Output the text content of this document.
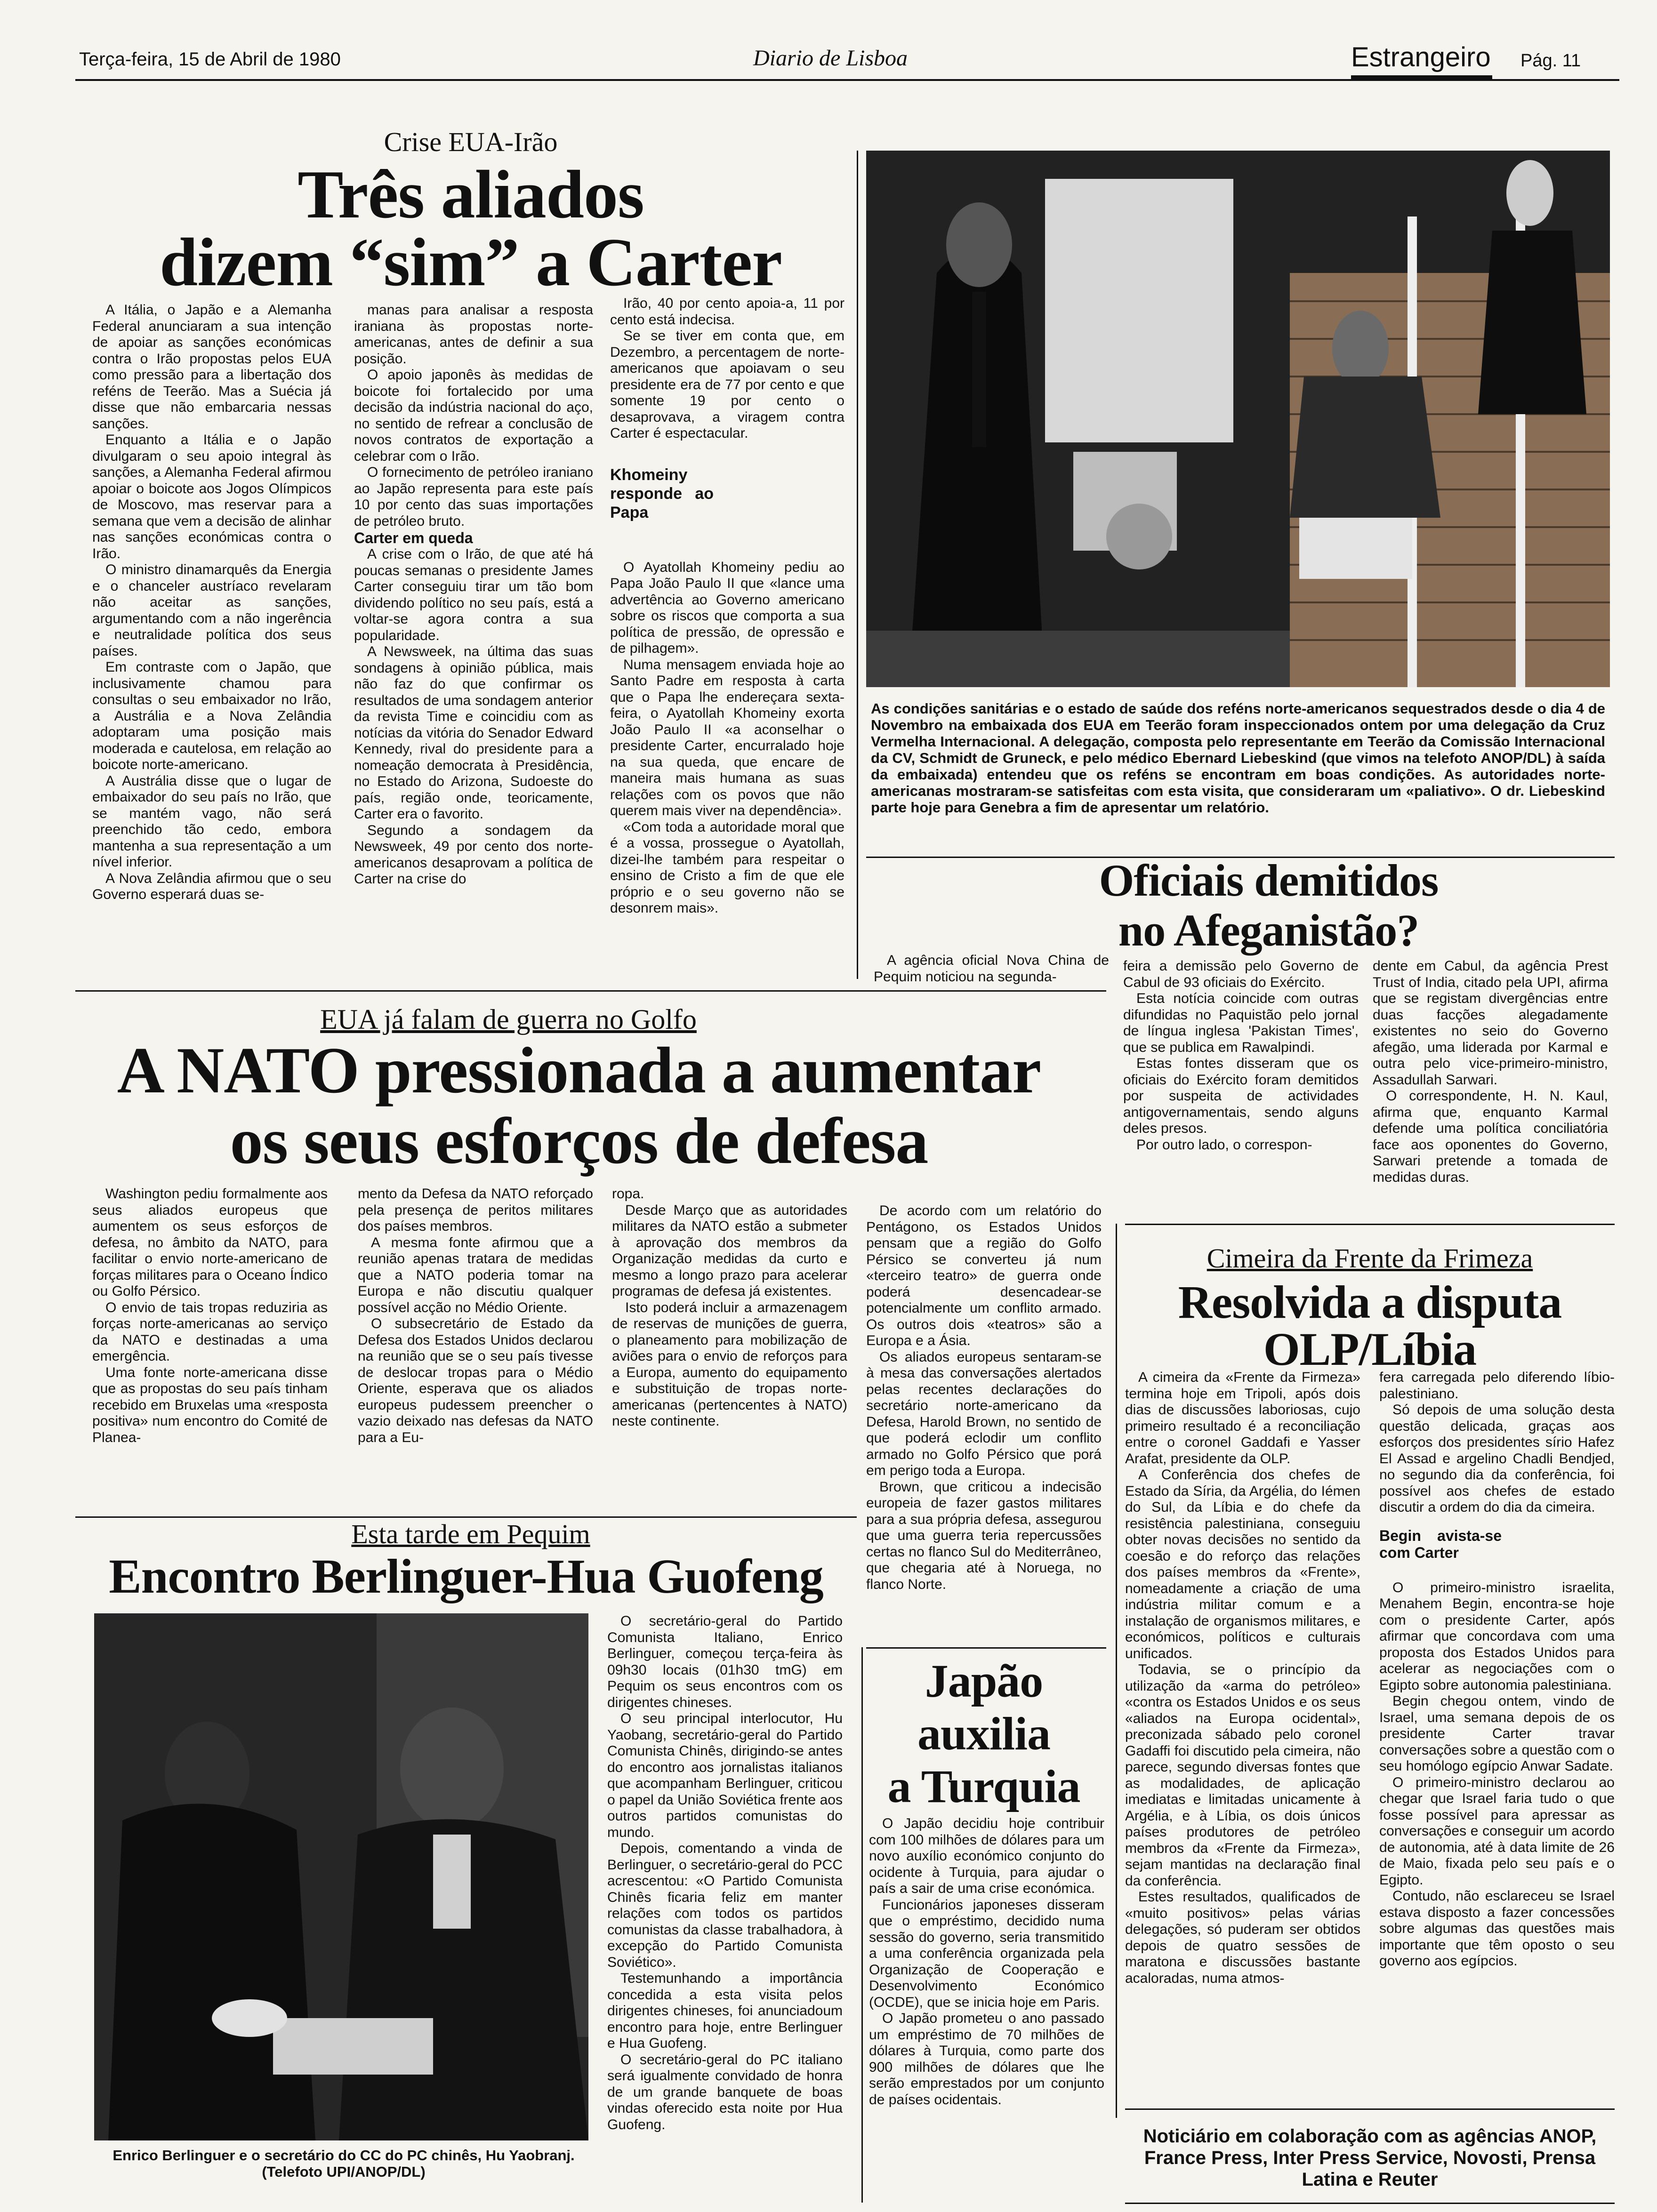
Terça-feira, 15 de Abril de 1980	Diario de Lisboa	Estrangeiro Pág. 11
Crise EUA-Irão
Três aliados
dizem “sim” a Carter

A Itália, o Japão e a Alemanha Federal anunciaram a sua intenção de apoiar as sanções económicas contra o Irão propostas pelos EUA como pressão para a libertação dos reféns de Teerão. Mas a Suécia já disse que não embarcaria nessas sanções.

Enquanto a Itália e o Japão divulgaram o seu apoio integral às sanções, a Alemanha Federal afirmou apoiar o boicote aos Jogos Olímpicos de Moscovo, mas reservar para a semana que vem a decisão de alinhar nas sanções económicas contra o Irão.

O ministro dinamarquês da Energia e o chanceler austríaco revelaram não aceitar as sanções, argumentando com a não ingerência e neutralidade política dos seus países.

Em contraste com o Japão, que inclusivamente chamou para consultas o seu embaixador no Irão, a Austrália e a Nova Zelândia adoptaram uma posição mais moderada e cautelosa, em relação ao boicote norte-americano.

A Austrália disse que o lugar de embaixador do seu país no Irão, que se mantém vago, não será preenchido tão cedo, embora mantenha a sua representação a um nível inferior.

A Nova Zelândia afirmou que o seu Governo esperará duas se-

manas para analisar a resposta iraniana às propostas norte-americanas, antes de definir a sua posição.

O apoio japonês às medidas de boicote foi fortalecido por uma decisão da indústria nacional do aço, no sentido de refrear a conclusão de novos contratos de exportação a celebrar com o Irão.

O fornecimento de petróleo iraniano ao Japão representa para este país 10 por cento das suas importações de petróleo bruto.

Carter em queda

A crise com o Irão, de que até há poucas semanas o presidente James Carter conseguiu tirar um tão bom dividendo político no seu país, está a voltar-se agora contra a sua popularidade.

A Newsweek, na última das suas sondagens à opinião pública, mais não faz do que confirmar os resultados de uma sondagem anterior da revista Time e coincidiu com as notícias da vitória do Senador Edward Kennedy, rival do presidente para a nomeação democrata à Presidência, no Estado do Arizona, Sudoeste do país, região onde, teoricamente, Carter era o favorito.

Segundo a sondagem da Newsweek, 49 por cento dos norte-americanos desaprovam a política de Carter na crise do

Irão, 40 por cento apoia-a, 11 por cento está indecisa.

Se se tiver em conta que, em Dezembro, a percentagem de norte-americanos que apoiavam o seu presidente era de 77 por cento e que somente 19 por cento o desaprovava, a viragem contra Carter é espectacular.

Khomeiny responde ao Papa

O Ayatollah Khomeiny pediu ao Papa João Paulo II que «lance uma advertência ao Governo americano sobre os riscos que comporta a sua política de pressão, de opressão e de pilhagem».

Numa mensagem enviada hoje ao Santo Padre em resposta à carta que o Papa lhe endereçara sexta-feira, o Ayatollah Khomeiny exorta João Paulo II «a aconselhar o presidente Carter, encurralado hoje na sua queda, que encare de maneira mais humana as suas relações com os povos que não querem mais viver na dependência».

«Com toda a autoridade moral que é a vossa, prossegue o Ayatollah, dizei-lhe também para respeitar o ensino de Cristo a fim de que ele próprio e o seu governo não se desonrem mais».

As condições sanitárias e o estado de saúde dos reféns norte-americanos sequestrados desde o dia 4 de Novembro na embaixada dos EUA em Teerão foram inspeccionados ontem por uma delegação da Cruz Vermelha Internacional. A delegação, composta pelo representante em Teerão da Comissão Internacional da CV, Schmidt de Gruneck, e pelo médico Ebernard Liebeskind (que vimos na telefoto ANOP/DL) à saída da embaixada) entendeu que os reféns se encontram em boas condições. As autoridades norte-americanas mostraram-se satisfeitas com esta visita, que consideraram um «paliativo». O dr. Liebeskind parte hoje para Genebra a fim de apresentar um relatório.
Oficiais demitidos
no Afeganistão?

A agência oficial Nova China de Pequim noticiou na segunda-

feira a demissão pelo Governo de Cabul de 93 oficiais do Exército.

Esta notícia coincide com outras difundidas no Paquistão pelo jornal de língua inglesa 'Pakistan Times', que se publica em Rawalpindi.

Estas fontes disseram que os oficiais do Exército foram demitidos por suspeita de actividades antigovernamentais, sendo alguns deles presos.

Por outro lado, o correspon-

dente em Cabul, da agência Prest Trust of India, citado pela UPI, afirma que se registam divergências entre duas facções alegadamente existentes no seio do Governo afegão, uma liderada por Karmal e outra pelo vice-primeiro-ministro, Assadullah Sarwari.

O correspondente, H. N. Kaul, afirma que, enquanto Karmal defende uma política conciliatória face aos oponentes do Governo, Sarwari pretende a tomada de medidas duras.

EUA já falam de guerra no Golfo
A NATO pressionada a aumentar
os seus esforços de defesa

Washington pediu formalmente aos seus aliados europeus que aumentem os seus esforços de defesa, no âmbito da NATO, para facilitar o envio norte-americano de forças militares para o Oceano Índico ou Golfo Pérsico.

O envio de tais tropas reduziria as forças norte-americanas ao serviço da NATO e destinadas a uma emergência.

Uma fonte norte-americana disse que as propostas do seu país tinham recebido em Bruxelas uma «resposta positiva» num encontro do Comité de Planea-

mento da Defesa da NATO reforçado pela presença de peritos militares dos países membros.

A mesma fonte afirmou que a reunião apenas tratara de medidas que a NATO poderia tomar na Europa e não discutiu qualquer possível acção no Médio Oriente.

O subsecretário de Estado da Defesa dos Estados Unidos declarou na reunião que se o seu país tivesse de deslocar tropas para o Médio Oriente, esperava que os aliados europeus pudessem preencher o vazio deixado nas defesas da NATO para a Eu-

ropa.

Desde Março que as autoridades militares da NATO estão a submeter à aprovação dos membros da Organização medidas da curto e mesmo a longo prazo para acelerar programas de defesa já existentes.

Isto poderá incluir a armazenagem de reservas de munições de guerra, o planeamento para mobilização de aviões para o envio de reforços para a Europa, aumento do equipamento e substituição de tropas norte-americanas (pertencentes à NATO) neste continente.

De acordo com um relatório do Pentágono, os Estados Unidos pensam que a região do Golfo Pérsico se converteu já num «terceiro teatro» de guerra onde poderá desencadear-se potencialmente um conflito armado. Os outros dois «teatros» são a Europa e a Ásia.

Os aliados europeus sentaram-se à mesa das conversações alertados pelas recentes declarações do secretário norte-americano da Defesa, Harold Brown, no sentido de que poderá eclodir um conflito armado no Golfo Pérsico que porá em perigo toda a Europa.

Brown, que criticou a indecisão europeia de fazer gastos militares para a sua própria defesa, assegurou que uma guerra teria repercussões certas no flanco Sul do Mediterrâneo, que chegaria até à Noruega, no flanco Norte.

Cimeira da Frente da Frimeza
Resolvida a disputa
OLP/Líbia

A cimeira da «Frente da Firmeza» termina hoje em Tripoli, após dois dias de discussões laboriosas, cujo primeiro resultado é a reconciliação entre o coronel Gaddafi e Yasser Arafat, presidente da OLP.

A Conferência dos chefes de Estado da Síria, da Argélia, do Iémen do Sul, da Líbia e do chefe da resistência palestiniana, conseguiu obter novas decisões no sentido da coesão e do reforço das relações dos países membros da «Frente», nomeadamente a criação de uma indústria militar comum e a instalação de organismos militares, e económicos, políticos e culturais unificados.

Todavia, se o princípio da utilização da «arma do petróleo» «contra os Estados Unidos e os seus «aliados na Europa ocidental», preconizada sábado pelo coronel Gadaffi foi discutido pela cimeira, não parece, segundo diversas fontes que as modalidades, de aplicação imediatas e limitadas unicamente à Argélia, e à Líbia, os dois únicos países produtores de petróleo membros da «Frente da Firmeza», sejam mantidas na declaração final da conferência.

Estes resultados, qualificados de «muito positivos» pelas várias delegações, só puderam ser obtidos depois de quatro sessões de maratona e discussões bastante acaloradas, numa atmos-

fera carregada pelo diferendo líbio-palestiniano.

Só depois de uma solução desta questão delicada, graças aos esforços dos presidentes sírio Hafez El Assad e argelino Chadli Bendjed, no segundo dia da conferência, foi possível aos chefes de estado discutir a ordem do dia da cimeira.

Begin avista-se com Carter

O primeiro-ministro israelita, Menahem Begin, encontra-se hoje com o presidente Carter, após afirmar que concordava com uma proposta dos Estados Unidos para acelerar as negociações com o Egipto sobre autonomia palestiniana.

Begin chegou ontem, vindo de Israel, uma semana depois de os presidente Carter travar conversações sobre a questão com o seu homólogo egípcio Anwar Sadate.

O primeiro-ministro declarou ao chegar que Israel faria tudo o que fosse possível para apressar as conversações e conseguir um acordo de autonomia, até à data limite de 26 de Maio, fixada pelo seu país e o Egipto.

Contudo, não esclareceu se Israel estava disposto a fazer concessões sobre algumas das questões mais importante que têm oposto o seu governo aos egípcios.

Esta tarde em Pequim
Encontro Berlinguer-Hua Guofeng
Enrico Berlinguer e o secretário do CC do PC chinês, Hu Yaobranj. (Telefoto UPI/ANOP/DL)

O secretário-geral do Partido Comunista Italiano, Enrico Berlinguer, começou terça-feira às 09h30 locais (01h30 tmG) em Pequim os seus encontros com os dirigentes chineses.

O seu principal interlocutor, Hu Yaobang, secretário-geral do Partido Comunista Chinês, dirigindo-se antes do encontro aos jornalistas italianos que acompanham Berlinguer, criticou o papel da União Soviética frente aos outros partidos comunistas do mundo.

Depois, comentando a vinda de Berlinguer, o secretário-geral do PCC acrescentou: «O Partido Comunista Chinês ficaria feliz em manter relações com todos os partidos comunistas da classe trabalhadora, à excepção do Partido Comunista Soviético».

Testemunhando a importância concedida a esta visita pelos dirigentes chineses, foi anunciadoum encontro para hoje, entre Berlinguer e Hua Guofeng.

O secretário-geral do PC italiano será igualmente convidado de honra de um grande banquete de boas vindas oferecido esta noite por Hua Guofeng.

Japão
auxilia
a Turquia

O Japão decidiu hoje contribuir com 100 milhões de dólares para um novo auxílio económico conjunto do ocidente à Turquia, para ajudar o país a sair de uma crise económica.

Funcionários japoneses disseram que o empréstimo, decidido numa sessão do governo, seria transmitido a uma conferência organizada pela Organização de Cooperação e Desenvolvimento Económico (OCDE), que se inicia hoje em Paris.

O Japão prometeu o ano passado um empréstimo de 70 milhões de dólares à Turquia, como parte dos 900 milhões de dólares que lhe serão emprestados por um conjunto de países ocidentais.

Noticiário em colaboração com as agências ANOP, France Press, Inter Press Service, Novosti, Prensa Latina e Reuter
